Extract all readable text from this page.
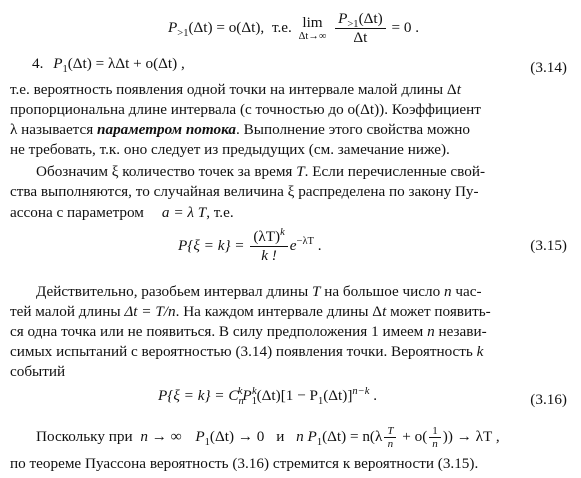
$P_{>1}(\Delta t) = o(\Delta t)$, т.е. lim
Δt→∞
$\frac{P_{>1}(\Delta t)}{\Delta t} = 0$ .
4. $P_1(\Delta t) = \lambda\Delta t + o(\Delta t)$ ,	(3.14)
т.е. вероятность появления одной точки на интервале малой длины Δt
пропорциональна длине интервала (с точностью до o(Δt)). Коэффициент
λ называется параметром потока. Выполнение этого свойства можно
не требовать, т.к. оно следует из предыдущих (см. замечание ниже).
Обозначим ξ количество точек за время T. Если перечисленные свой-
ства выполняются, то случайная величина ξ распределена по закону Пу-
ассона с параметром a = λ T, т.е.
$P\{\xi = k\} = \frac{(\lambda T)^k}{k !} e^{-\lambda T}$ .	(3.15)
Действительно, разобьем интервал длины T на большое число n час-
тей малой длины Δt = T/n. На каждом интервале длины Δt может появить-
ся одна точка или не появиться. В силу предположения 1 имеем n незави-
симых испытаний с вероятностью (3.14) появления точки. Вероятность k
событий
$P\{\xi = k\} = C_n^kP_1^k(\Delta t)[1 - P_1(\Delta t)]^{n-k}$ .	(3.16)
Поскольку при n → ∞ $P_1(\Delta t) \to 0$ и n $P_1(\Delta t) = n(\lambda \frac{T}{n} + o( \frac{1}{n}$ )) → λT ,
по теореме Пуассона вероятность (3.16) стремится к вероятности (3.15).
